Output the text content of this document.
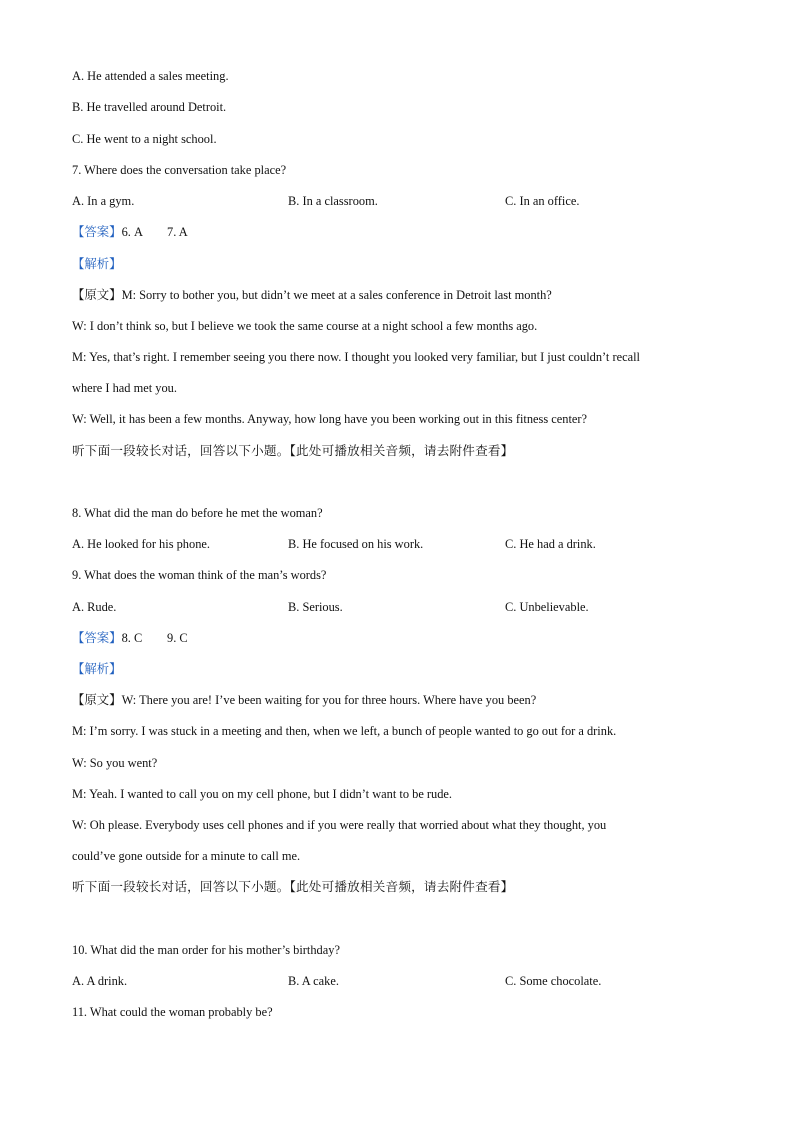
A. He attended a sales meeting.
B. He travelled around Detroit.
C. He went to a night school.
7. Where does the conversation take place?
A. In a gym.	B. In a classroom.	C. In an office.
【答案】6. A        7. A
【解析】
【原文】M: Sorry to bother you, but didn’t we meet at a sales conference in Detroit last month?
W: I don’t think so, but I believe we took the same course at a night school a few months ago.
M: Yes, that’s right. I remember seeing you there now. I thought you looked very familiar, but I just couldn’t recall
where I had met you.
W: Well, it has been a few months. Anyway, how long have you been working out in this fitness center?
听下面一段较长对话，回答以下小题。【此处可播放相关音频，请去附件查看】
8. What did the man do before he met the woman?
A. He looked for his phone.	B. He focused on his work.	C. He had a drink.
9. What does the woman think of the man’s words?
A. Rude.	B. Serious.	C. Unbelievable.
【答案】8. C        9. C
【解析】
【原文】W: There you are! I’ve been waiting for you for three hours. Where have you been?
M: I’m sorry. I was stuck in a meeting and then, when we left, a bunch of people wanted to go out for a drink.
W: So you went?
M: Yeah. I wanted to call you on my cell phone, but I didn’t want to be rude.
W: Oh please. Everybody uses cell phones and if you were really that worried about what they thought, you
could’ve gone outside for a minute to call me.
听下面一段较长对话，回答以下小题。【此处可播放相关音频，请去附件查看】
10. What did the man order for his mother’s birthday?
A. A drink.	B. A cake.	C. Some chocolate.
11. What could the woman probably be?
